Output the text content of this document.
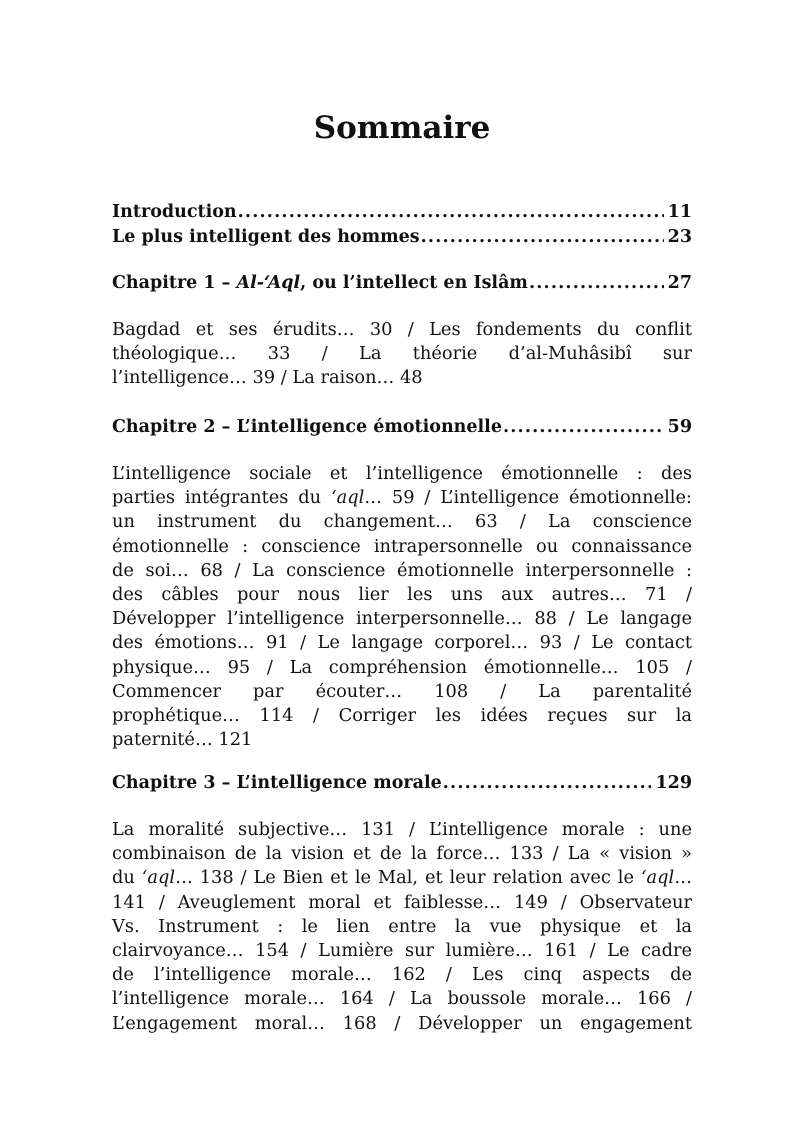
Sommaire
Introduction .....	11
Le plus intelligent des hommes .....	23
Chapitre 1 – Al-‘Aql, ou l’intellect en Islâm .....	27
Bagdad et ses érudits… 30 / Les fondements du conflit
théologique… 33 / La théorie d’al-Muhâsibî sur
l’intelligence… 39 / La raison… 48
Chapitre 2 – L’intelligence émotionnelle .....	59
L’intelligence sociale et l’intelligence émotionnelle : des
parties intégrantes du ‘aql… 59 / L’intelligence émotionnelle:
un instrument du changement… 63 / La conscience
émotionnelle : conscience intrapersonnelle ou connaissance
de soi… 68 / La conscience émotionnelle interpersonnelle :
des câbles pour nous lier les uns aux autres… 71 /
Développer l’intelligence interpersonnelle… 88 / Le langage
des émotions… 91 / Le langage corporel… 93 / Le contact
physique… 95 / La compréhension émotionnelle… 105 /
Commencer par écouter… 108 / La parentalité
prophétique… 114 / Corriger les idées reçues sur la
paternité… 121
Chapitre 3 – L’intelligence morale .....	129
La moralité subjective… 131 / L’intelligence morale : une
combinaison de la vision et de la force… 133 / La « vision »
du ‘aql… 138 / Le Bien et le Mal, et leur relation avec le ‘aql…
141 / Aveuglement moral et faiblesse… 149 / Observateur
Vs. Instrument : le lien entre la vue physique et la
clairvoyance… 154 / Lumière sur lumière… 161 / Le cadre
de l’intelligence morale… 162 / Les cinq aspects de
l’intelligence morale… 164 / La boussole morale… 166 /
L’engagement moral… 168 / Développer un engagement
